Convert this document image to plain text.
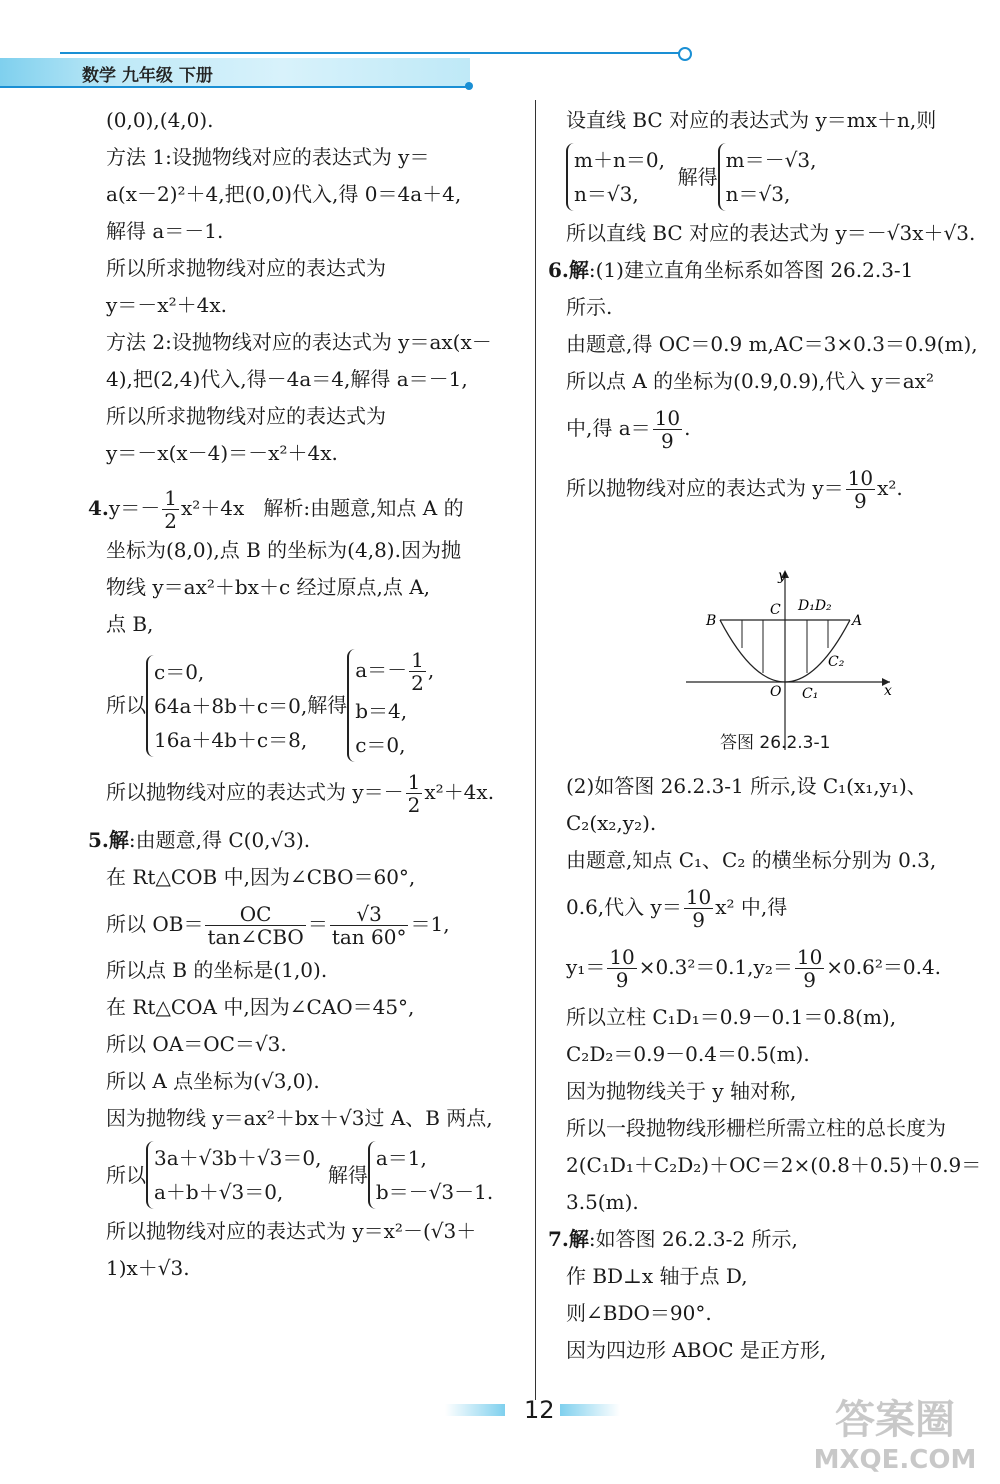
数学 九年级 下册

(0,0),(4,0).

方法 1:设抛物线对应的表达式为 y＝

a(x－2)²＋4,把(0,0)代入,得 0＝4a＋4,

解得 a＝－1.

所以所求抛物线对应的表达式为

y＝－x²＋4x.

方法 2:设抛物线对应的表达式为 y＝ax(x－

4),把(2,4)代入,得－4a＝4,解得 a＝－1,

所以所求抛物线对应的表达式为

y＝－x(x－4)＝－x²＋4x.

$4.y=- \frac{1}{2} x^2+4x$ 解析:由题意,知点 A 的

坐标为(8,0),点 B 的坐标为(4,8).因为抛

物线 y＝ax²＋bx＋c 经过原点,点 A,

点 B,

所以
c＝0,
64a＋8b＋c＝0,
16a＋4b＋c＝8,
解得
$a=- \frac{1}{2}$ ,
b＝4,
c＝0,

所以抛物线对应的表达式为 $y=- \frac{1}{2} x^2+4x$.

5.解:由题意,得 C(0,√3).

在 Rt△COB 中,因为∠CBO＝60°,

所以 $OB= \frac{OC}{\text{tan∠CBO}} = \frac{√3}{\tan 60^\circ} =1$,

所以点 B 的坐标是(1,0).

在 Rt△COA 中,因为∠CAO＝45°,

所以 OA＝OC＝√3.

所以 A 点坐标为(√3,0).

因为抛物线 y＝ax²＋bx＋√3过 A、B 两点,

所以
3a＋√3b＋√3＝0,
a＋b＋√3＝0,
解得
a＝1,
b＝－√3－1.

所以抛物线对应的表达式为 y＝x²－(√3＋

1)x＋√3.

设直线 BC 对应的表达式为 y＝mx＋n,则

m＋n＝0,
n＝√3,
解得
m＝－√3,
n＝√3,

所以直线 BC 对应的表达式为 y＝－√3x＋√3.

6.解:(1)建立直角坐标系如答图 26.2.3-1

所示.

由题意,得 OC＝0.9 m,AC＝3×0.3＝0.9(m),

所以点 A 的坐标为(0.9,0.9),代入 y＝ax²

中,得 $a= \frac{10}{9}$ .

所以抛物线对应的表达式为 $y= \frac{10}{9} x^2$.

y
x
O
B
C D₁D₂
A
C₂
C₁
答图 26.2.3-1

(2)如答图 26.2.3-1 所示,设 C₁(x₁,y₁)、

C₂(x₂,y₂).

由题意,知点 C₁、C₂ 的横坐标分别为 0.3,

0.6,代入 $y= \frac{10}{9} x^2$ 中,得

$y_1= \frac{10}{9} \times 0.3^2=0.1,y_2= \frac{10}{9} \times 0.6^2=0.4$.

所以立柱 C₁D₁＝0.9－0.1＝0.8(m),

C₂D₂＝0.9－0.4＝0.5(m).

因为抛物线关于 y 轴对称,

所以一段抛物线形栅栏所需立柱的总长度为

2(C₁D₁＋C₂D₂)＋OC＝2×(0.8＋0.5)＋0.9＝

3.5(m).

7.解:如答图 26.2.3-2 所示,

作 BD⊥x 轴于点 D,

则∠BDO＝90°.

因为四边形 ABOC 是正方形,

12	答案圈
MXQE.COM
